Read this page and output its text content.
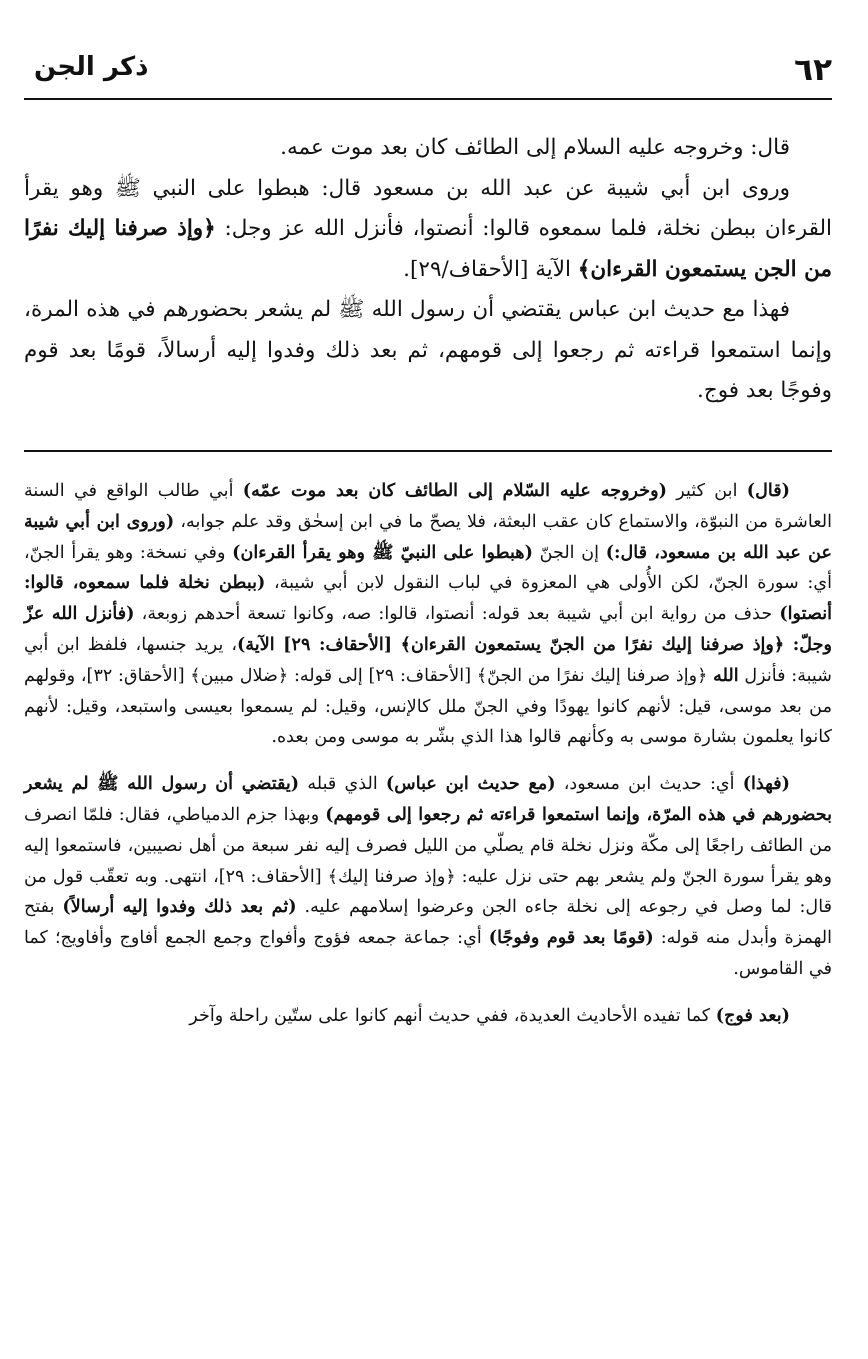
٦٢
ذكر الجن

قال: وخروجه عليه السلام إلى الطائف كان بعد موت عمه.

وروى ابن أبي شيبة عن عبد الله بن مسعود قال: هبطوا على النبي ﷺ وهو يقرأ القرءان ببطن نخلة، فلما سمعوه قالوا: أنصتوا، فأنزل الله عز وجل: ﴿وإذ صرفنا إليك نفرًا من الجن يستمعون القرءان﴾ الآية [الأحقاف/٢٩].

فهذا مع حديث ابن عباس يقتضي أن رسول الله ﷺ لم يشعر بحضورهم في هذه المرة، وإنما استمعوا قراءته ثم رجعوا إلى قومهم، ثم بعد ذلك وفدوا إليه أرسالاً، قومًا بعد قوم وفوجًا بعد فوج.

(قال) ابن كثير (وخروجه عليه السّلام إلى الطائف كان بعد موت عمّه) أبي طالب الواقع في السنة العاشرة من النبوّة، والاستماع كان عقب البعثة، فلا يصحّ ما في ابن إسحٰق وقد علم جوابه، (وروى ابن أبي شيبة عن عبد الله بن مسعود، قال:) إن الجنّ (هبطوا على النبيّ ﷺ وهو يقرأ القرءان) وفي نسخة: وهو يقرأ الجنّ، أي: سورة الجنّ، لكن الأُولى هي المعزوة في لباب النقول لابن أبي شيبة، (ببطن نخلة فلما سمعوه، قالوا: أنصتوا) حذف من رواية ابن أبي شيبة بعد قوله: أنصتوا، قالوا: صه، وكانوا تسعة أحدهم زوبعة، (فأنزل الله عزّ وجلّ: ﴿وإذ صرفنا إليك نفرًا من الجنّ يستمعون القرءان﴾ [الأحقاف: ٢٩] الآية)، يريد جنسها، فلفظ ابن أبي شيبة: فأنزل الله ﴿وإذ صرفنا إليك نفرًا من الجنّ﴾ [الأحقاف: ٢٩] إلى قوله: ﴿ضلال مبين﴾ [الأحقاق: ٣٢]، وقولهم من بعد موسى، قيل: لأنهم كانوا يهودًا وفي الجنّ ملل كالإنس، وقيل: لم يسمعوا بعيسى واستبعد، وقيل: لأنهم كانوا يعلمون بشارة موسى به وكأنهم قالوا هذا الذي بشّر به موسى ومن بعده.

(فهذا) أي: حديث ابن مسعود، (مع حديث ابن عباس) الذي قبله (يقتضي أن رسول الله ﷺ لم يشعر بحضورهم في هذه المرّة، وإنما استمعوا قراءته ثم رجعوا إلى قومهم) وبهذا جزم الدمياطي، فقال: فلمّا انصرف من الطائف راجعًا إلى مكّة ونزل نخلة قام يصلّي من الليل فصرف إليه نفر سبعة من أهل نصيبين، فاستمعوا إليه وهو يقرأ سورة الجنّ ولم يشعر بهم حتى نزل عليه: ﴿وإذ صرفنا إليك﴾ [الأحقاف: ٢٩]، انتهى. وبه تعقّب قول من قال: لما وصل في رجوعه إلى نخلة جاءه الجن وعرضوا إسلامهم عليه. (ثم بعد ذلك وفدوا إليه أرسالاً) بفتح الهمزة وأبدل منه قوله: (قومًا بعد قوم وفوجًا) أي: جماعة جمعه فؤوج وأفواج وجمع الجمع أفاوج وأفاويج؛ كما في القاموس.

(بعد فوج) كما تفيده الأحاديث العديدة، ففي حديث أنهم كانوا على ستّين راحلة وآخر
